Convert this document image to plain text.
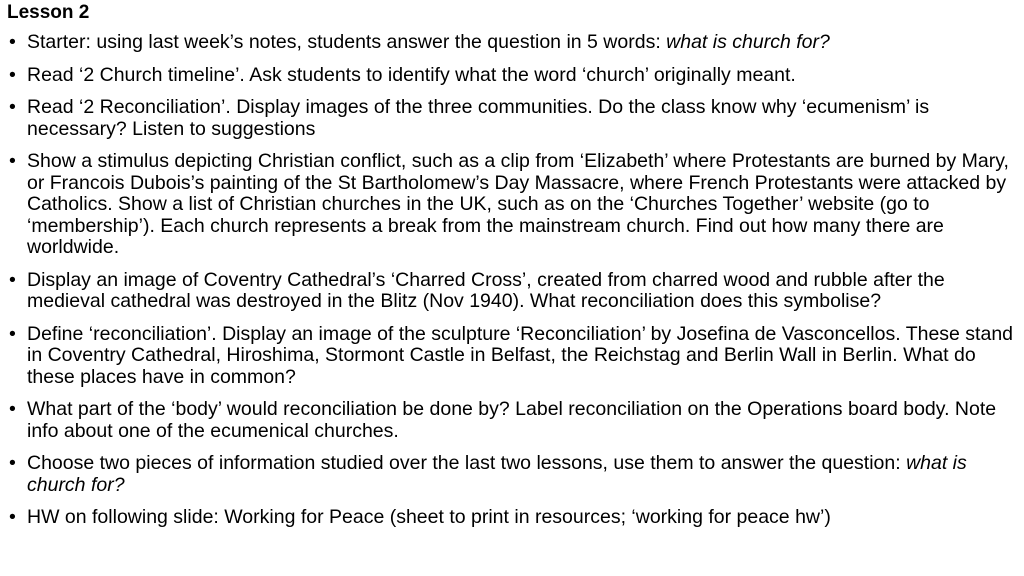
Lesson 2
• Starter: using last week’s notes, students answer the question in 5 words: what is church for?
• Read ‘2 Church timeline’. Ask students to identify what the word ‘church’ originally meant.
• Read ‘2 Reconciliation’. Display images of the three communities. Do the class know why ‘ecumenism’ is necessary? Listen to suggestions
• Show a stimulus depicting Christian conflict, such as a clip from ‘Elizabeth’ where Protestants are burned by Mary, or Francois Dubois’s painting of the St Bartholomew’s Day Massacre, where French Protestants were attacked by Catholics. Show a list of Christian churches in the UK, such as on the ‘Churches Together’ website (go to ‘membership’). Each church represents a break from the mainstream church. Find out how many there are worldwide.
• Display an image of Coventry Cathedral’s ‘Charred Cross’, created from charred wood and rubble after the medieval cathedral was destroyed in the Blitz (Nov 1940). What reconciliation does this symbolise?
• Define ‘reconciliation’. Display an image of the sculpture ‘Reconciliation’ by Josefina de Vasconcellos. These stand in Coventry Cathedral, Hiroshima, Stormont Castle in Belfast, the Reichstag and Berlin Wall in Berlin. What do these places have in common?
• What part of the ‘body’ would reconciliation be done by? Label reconciliation on the Operations board body. Note info about one of the ecumenical churches.
• Choose two pieces of information studied over the last two lessons, use them to answer the question: what is church for?
• HW on following slide: Working for Peace (sheet to print in resources; ‘working for peace hw’)
